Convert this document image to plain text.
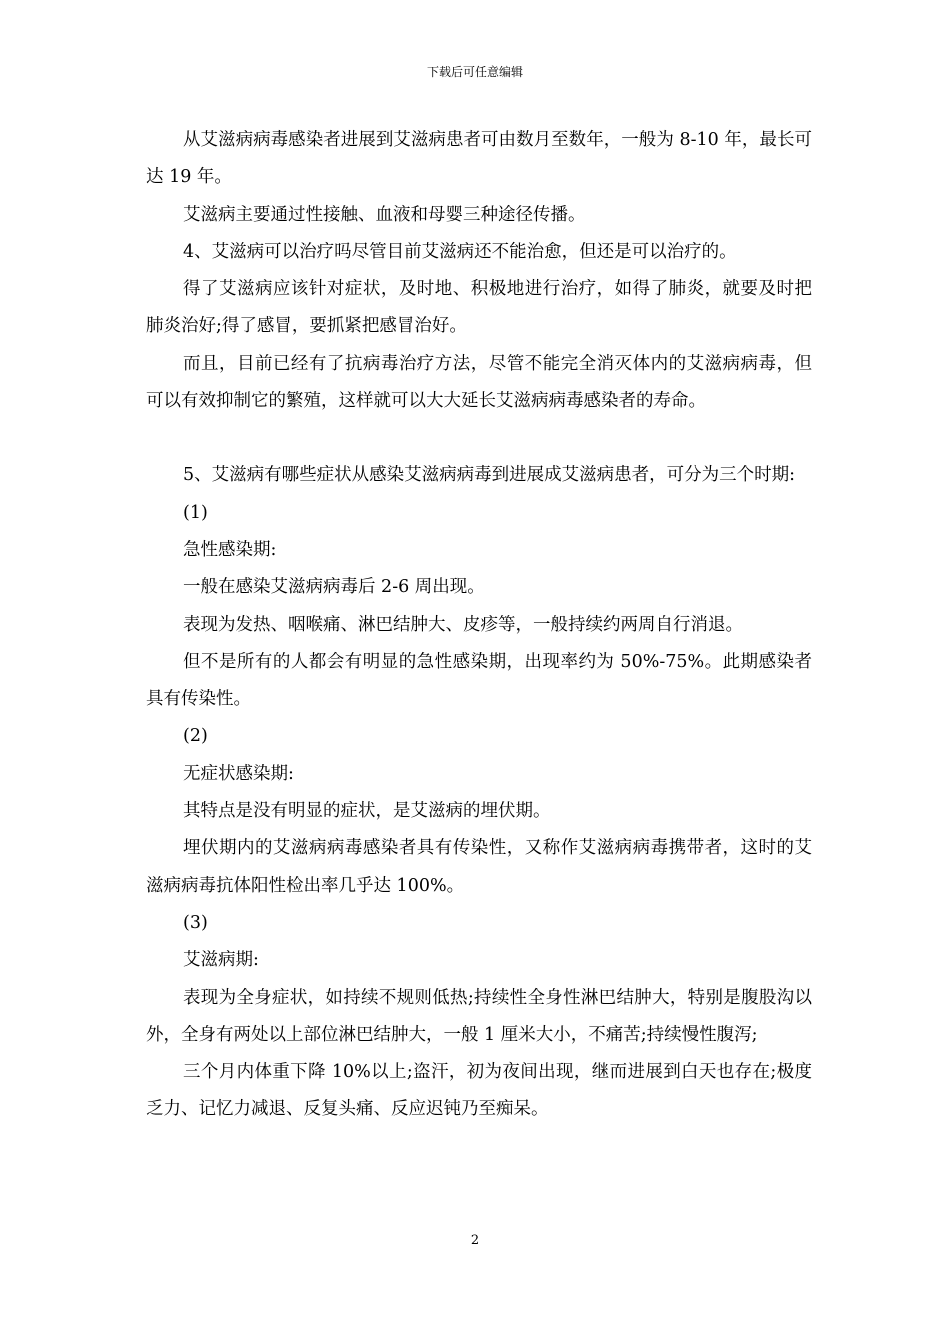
下载后可任意编辑

从艾滋病病毒感染者进展到艾滋病患者可由数月至数年，一般为 8-10 年，最长可达 19 年。

艾滋病主要通过性接触、血液和母婴三种途径传播。

4、艾滋病可以治疗吗尽管目前艾滋病还不能治愈，但还是可以治疗的。

得了艾滋病应该针对症状，及时地、积极地进行治疗，如得了肺炎，就要及时把肺炎治好;得了感冒，要抓紧把感冒治好。

而且，目前已经有了抗病毒治疗方法，尽管不能完全消灭体内的艾滋病病毒，但可以有效抑制它的繁殖，这样就可以大大延长艾滋病病毒感染者的寿命。

5、艾滋病有哪些症状从感染艾滋病病毒到进展成艾滋病患者，可分为三个时期:

(1)

急性感染期:

一般在感染艾滋病病毒后 2-6 周出现。

表现为发热、咽喉痛、淋巴结肿大、皮疹等，一般持续约两周自行消退。

但不是所有的人都会有明显的急性感染期，出现率约为 50%-75%。此期感染者具有传染性。

(2)

无症状感染期:

其特点是没有明显的症状，是艾滋病的埋伏期。

埋伏期内的艾滋病病毒感染者具有传染性，又称作艾滋病病毒携带者，这时的艾滋病病毒抗体阳性检出率几乎达 100%。

(3)

艾滋病期:

表现为全身症状，如持续不规则低热;持续性全身性淋巴结肿大，特别是腹股沟以外，全身有两处以上部位淋巴结肿大，一般 1 厘米大小，不痛苦;持续慢性腹泻;

三个月内体重下降 10%以上;盗汗，初为夜间出现，继而进展到白天也存在;极度乏力、记忆力减退、反复头痛、反应迟钝乃至痴呆。

2
